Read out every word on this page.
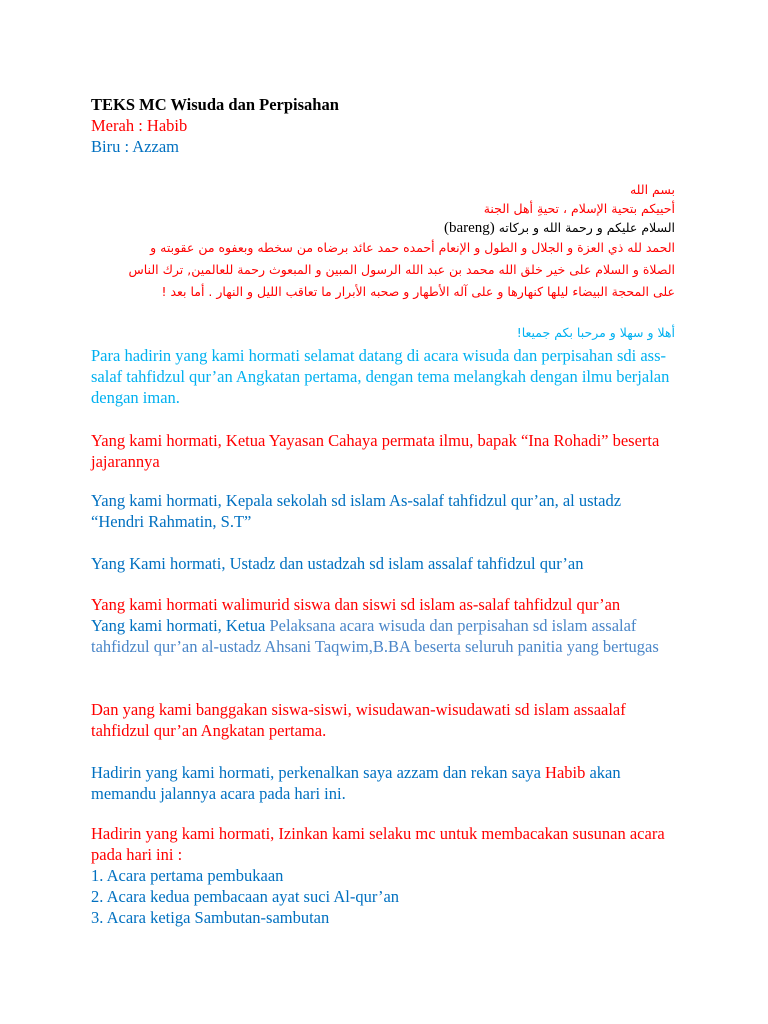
TEKS MC Wisuda dan Perpisahan
Merah : Habib
Biru : Azzam
بسم الله
أحييكم بتحية الإسلام ، تحيةِ أهل الجنة
السلام عليكم و رحمة الله و بركاته (bareng)
الحمد لله ذي العزة و الجلال و الطول و الإنعام أحمده حمد عائد برضاه من سخطه وبعفوه من عقوبته و
الصلاة و السلام على خير خلق الله محمد بن عبد الله الرسول المبين و المبعوث رحمة للعالمين, ترك الناس
على المحجة البيضاء ليلها كنهارها و على آله الأطهار و صحبه الأبرار ما تعاقب الليل و النهار . أما بعد !
أهلا و سهلا و مرحبا بكم جميعا!
Para hadirin yang kami hormati selamat datang di acara wisuda dan perpisahan sdi ass-salaf tahfidzul qur’an Angkatan pertama, dengan tema melangkah dengan ilmu berjalan dengan iman.
Yang kami hormati, Ketua Yayasan Cahaya permata ilmu, bapak “Ina Rohadi” beserta jajarannya
Yang kami hormati, Kepala sekolah sd islam As-salaf tahfidzul qur’an, al ustadz “Hendri Rahmatin, S.T”
Yang Kami hormati, Ustadz dan ustadzah sd islam assalaf tahfidzul qur’an
Yang kami hormati walimurid siswa dan siswi sd islam as-salaf tahfidzul qur’an
Yang kami hormati, Ketua Pelaksana acara wisuda dan perpisahan sd islam assalaf tahfidzul qur’an al-ustadz Ahsani Taqwim,B.BA beserta seluruh panitia yang bertugas
Dan yang kami banggakan siswa-siswi, wisudawan-wisudawati sd islam assaalaf tahfidzul qur’an Angkatan pertama.
Hadirin yang kami hormati, perkenalkan saya azzam dan rekan saya Habib akan memandu jalannya acara pada hari ini.
Hadirin yang kami hormati, Izinkan kami selaku mc untuk membacakan susunan acara pada hari ini :
1. Acara pertama pembukaan
2. Acara kedua pembacaan ayat suci Al-qur’an
3. Acara ketiga Sambutan-sambutan
